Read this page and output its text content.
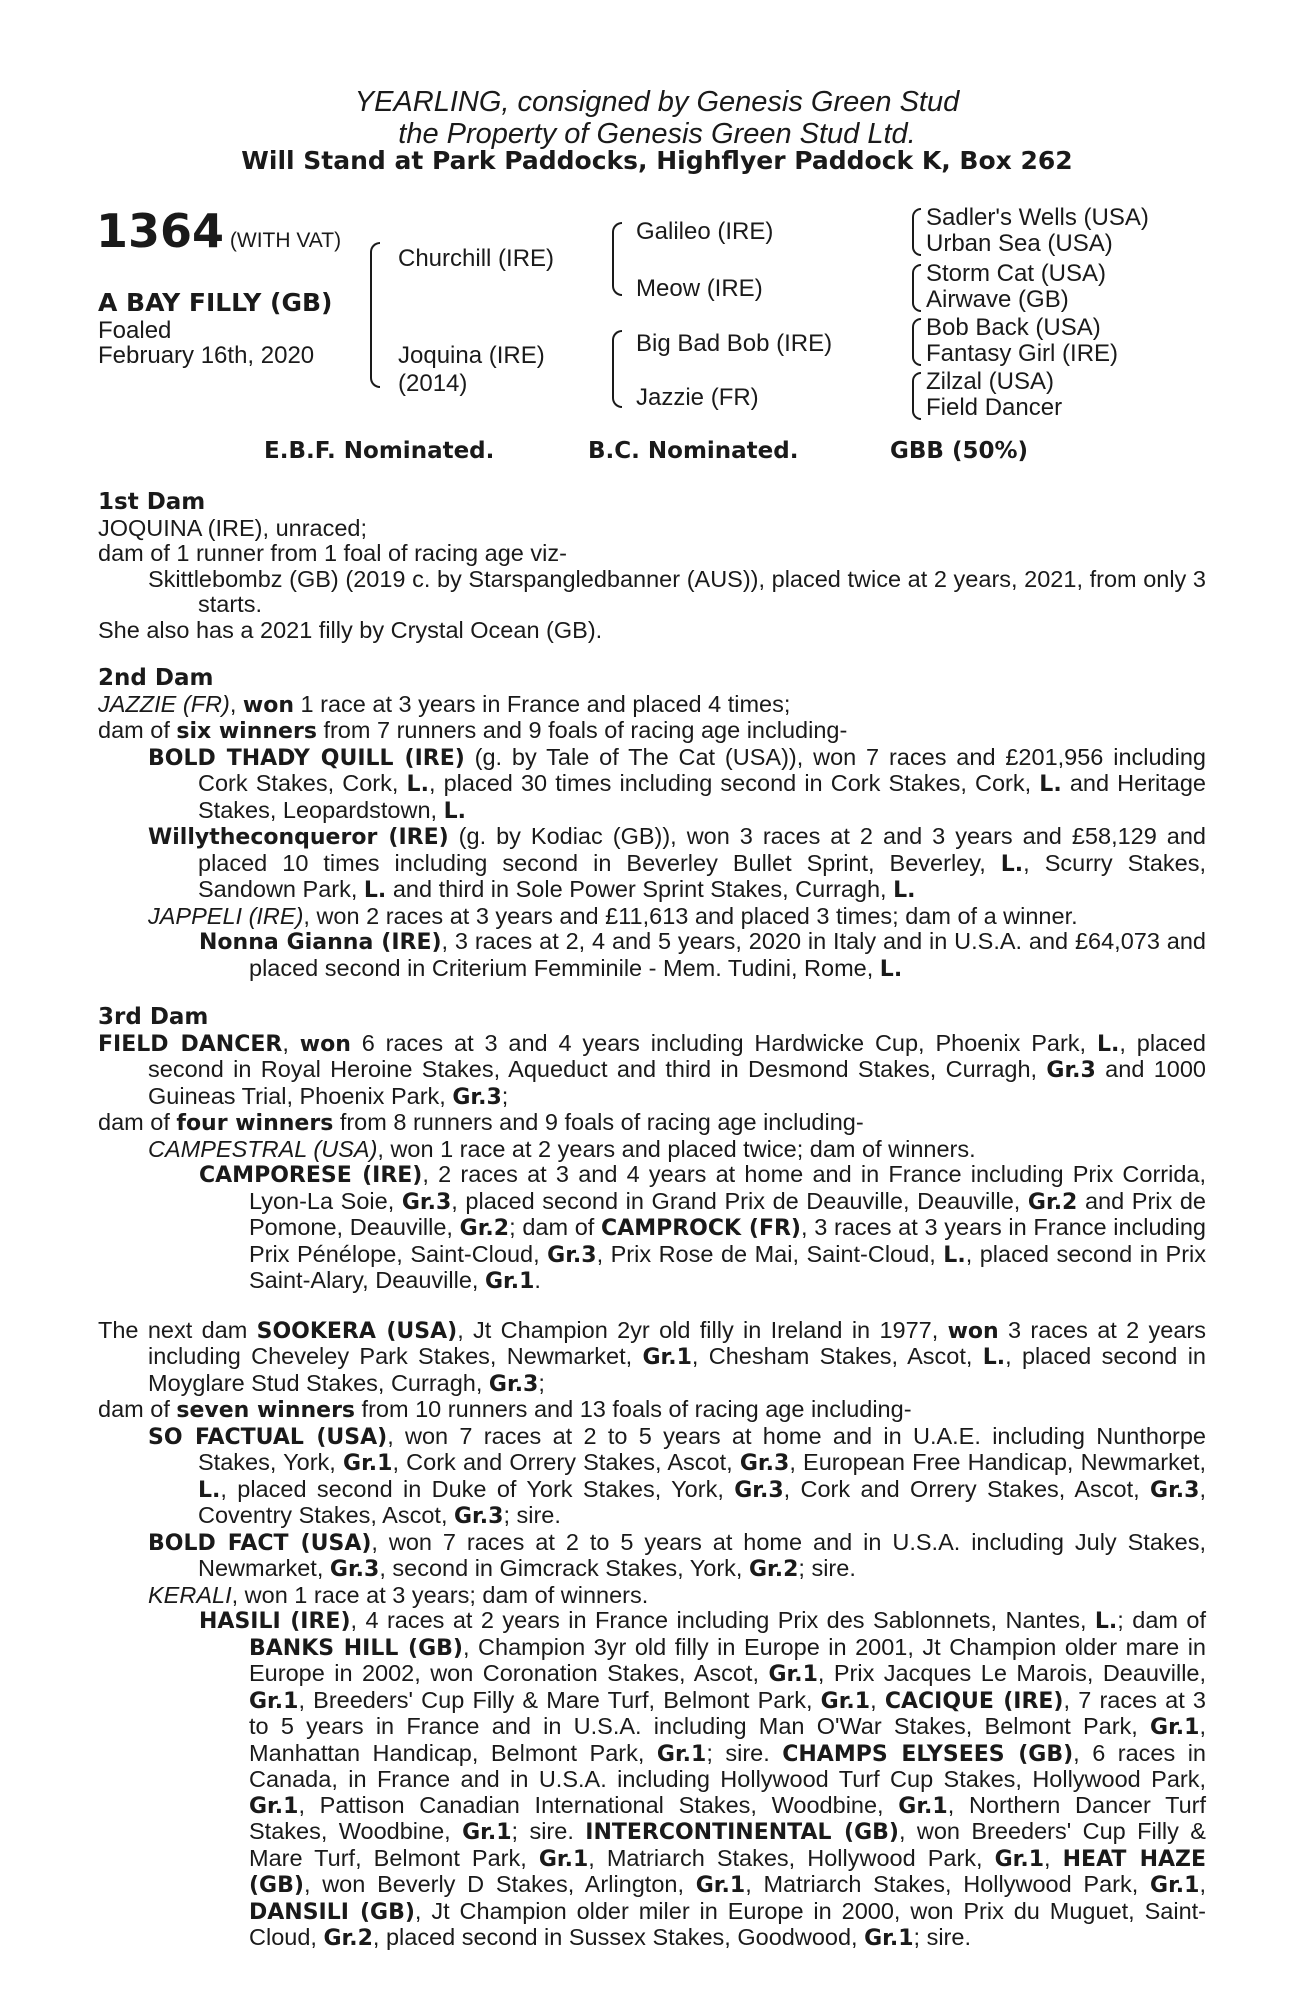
YEARLING, consigned by Genesis Green Stud
the Property of Genesis Green Stud Ltd.
Will Stand at Park Paddocks, Highflyer Paddock K, Box 262
1364 (WITH VAT)
A BAY FILLY (GB)
Foaled
February 16th, 2020
Churchill (IRE)
Joquina (IRE)
(2014)
Galileo (IRE)
Meow (IRE)
Big Bad Bob (IRE)
Jazzie (FR)
Sadler's Wells (USA)
Urban Sea (USA)
Storm Cat (USA)
Airwave (GB)
Bob Back (USA)
Fantasy Girl (IRE)
Zilzal (USA)
Field Dancer
E.B.F. Nominated.	B.C. Nominated.	GBB (50%)

1st Dam

JOQUINA (IRE), unraced;

dam of 1 runner from 1 foal of racing age viz-

Skittlebombz (GB) (2019 c. by Starspangledbanner (AUS)), placed twice at 2 years, 2021, from only 3 starts.

She also has a 2021 filly by Crystal Ocean (GB).

2nd Dam

JAZZIE (FR), won 1 race at 3 years in France and placed 4 times;

dam of six winners from 7 runners and 9 foals of racing age including-

BOLD THADY QUILL (IRE) (g. by Tale of The Cat (USA)), won 7 races and £201,956 including Cork Stakes, Cork, L., placed 30 times including second in Cork Stakes, Cork, L. and Heritage Stakes, Leopardstown, L.

Willytheconqueror (IRE) (g. by Kodiac (GB)), won 3 races at 2 and 3 years and £58,129 and placed 10 times including second in Beverley Bullet Sprint, Beverley, L., Scurry Stakes, Sandown Park, L. and third in Sole Power Sprint Stakes, Curragh, L.

JAPPELI (IRE), won 2 races at 3 years and £11,613 and placed 3 times; dam of a winner.

Nonna Gianna (IRE), 3 races at 2, 4 and 5 years, 2020 in Italy and in U.S.A. and £64,073 and placed second in Criterium Femminile - Mem. Tudini, Rome, L.

3rd Dam

FIELD DANCER, won 6 races at 3 and 4 years including Hardwicke Cup, Phoenix Park, L., placed second in Royal Heroine Stakes, Aqueduct and third in Desmond Stakes, Curragh, Gr.3 and 1000 Guineas Trial, Phoenix Park, Gr.3;

dam of four winners from 8 runners and 9 foals of racing age including-

CAMPESTRAL (USA), won 1 race at 2 years and placed twice; dam of winners.

CAMPORESE (IRE), 2 races at 3 and 4 years at home and in France including Prix Corrida, Lyon-La Soie, Gr.3, placed second in Grand Prix de Deauville, Deauville, Gr.2 and Prix de Pomone, Deauville, Gr.2; dam of CAMPROCK (FR), 3 races at 3 years in France including Prix Pénélope, Saint-Cloud, Gr.3, Prix Rose de Mai, Saint-Cloud, L., placed second in Prix Saint-Alary, Deauville, Gr.1.

The next dam SOOKERA (USA), Jt Champion 2yr old filly in Ireland in 1977, won 3 races at 2 years including Cheveley Park Stakes, Newmarket, Gr.1, Chesham Stakes, Ascot, L., placed second in Moyglare Stud Stakes, Curragh, Gr.3;

dam of seven winners from 10 runners and 13 foals of racing age including-

SO FACTUAL (USA), won 7 races at 2 to 5 years at home and in U.A.E. including Nunthorpe Stakes, York, Gr.1, Cork and Orrery Stakes, Ascot, Gr.3, European Free Handicap, Newmarket, L., placed second in Duke of York Stakes, York, Gr.3, Cork and Orrery Stakes, Ascot, Gr.3, Coventry Stakes, Ascot, Gr.3; sire.

BOLD FACT (USA), won 7 races at 2 to 5 years at home and in U.S.A. including July Stakes, Newmarket, Gr.3, second in Gimcrack Stakes, York, Gr.2; sire.

KERALI, won 1 race at 3 years; dam of winners.

HASILI (IRE), 4 races at 2 years in France including Prix des Sablonnets, Nantes, L.; dam of BANKS HILL (GB), Champion 3yr old filly in Europe in 2001, Jt Champion older mare in Europe in 2002, won Coronation Stakes, Ascot, Gr.1, Prix Jacques Le Marois, Deauville, Gr.1, Breeders' Cup Filly & Mare Turf, Belmont Park, Gr.1, CACIQUE (IRE), 7 races at 3 to 5 years in France and in U.S.A. including Man O'War Stakes, Belmont Park, Gr.1, Manhattan Handicap, Belmont Park, Gr.1; sire. CHAMPS ELYSEES (GB), 6 races in Canada, in France and in U.S.A. including Hollywood Turf Cup Stakes, Hollywood Park, Gr.1, Pattison Canadian International Stakes, Woodbine, Gr.1, Northern Dancer Turf Stakes, Woodbine, Gr.1; sire. INTERCONTINENTAL (GB), won Breeders' Cup Filly & Mare Turf, Belmont Park, Gr.1, Matriarch Stakes, Hollywood Park, Gr.1, HEAT HAZE (GB), won Beverly D Stakes, Arlington, Gr.1, Matriarch Stakes, Hollywood Park, Gr.1, DANSILI (GB), Jt Champion older miler in Europe in 2000, won Prix du Muguet, Saint-Cloud, Gr.2, placed second in Sussex Stakes, Goodwood, Gr.1; sire.
